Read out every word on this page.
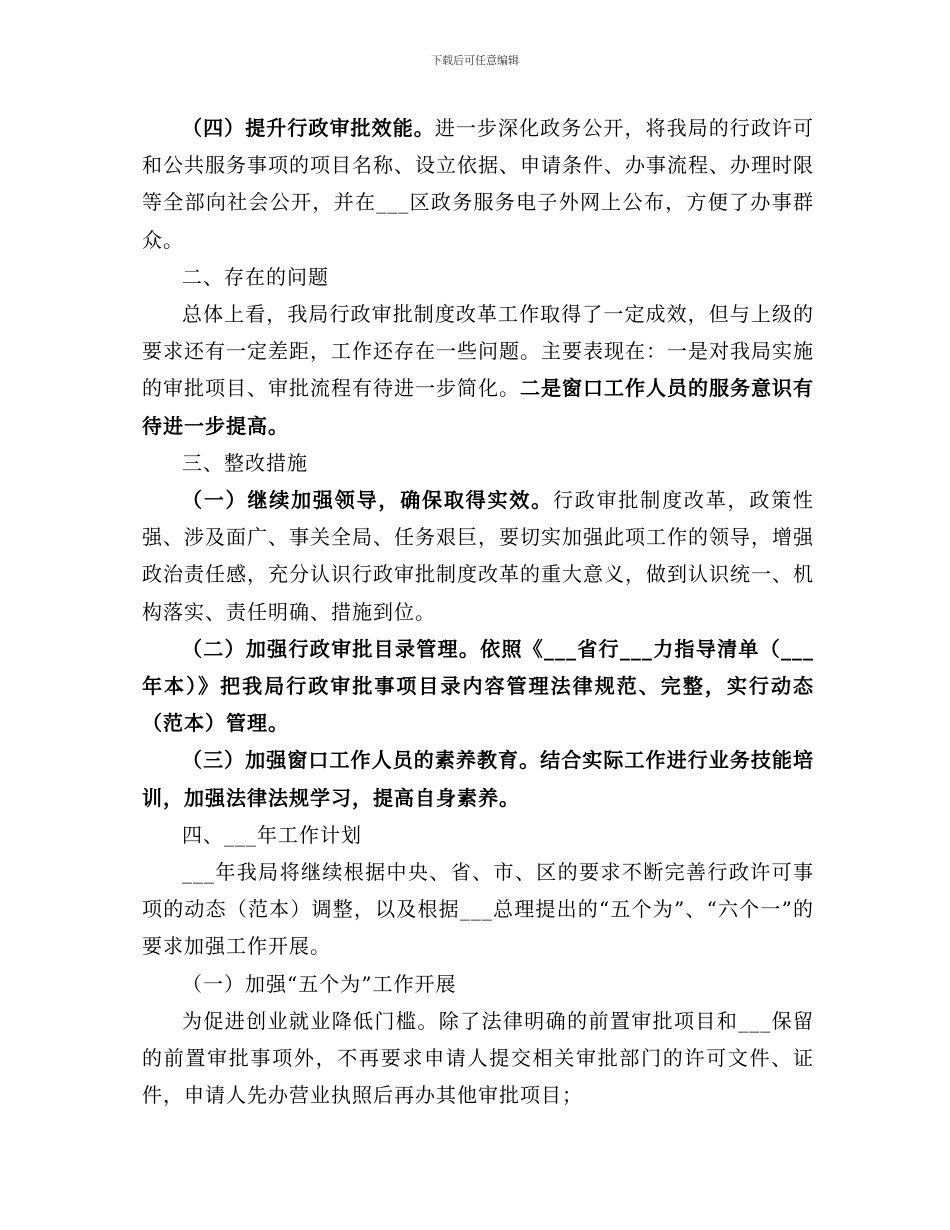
下载后可任意编辑

（四）提升行政审批效能。进一步深化政务公开，将我局的行政许可和公共服务事项的项目名称、设立依据、申请条件、办事流程、办理时限等全部向社会公开，并在___区政务服务电子外网上公布，方便了办事群众。

二、存在的问题

总体上看，我局行政审批制度改革工作取得了一定成效，但与上级的要求还有一定差距，工作还存在一些问题。主要表现在：一是对我局实施的审批项目、审批流程有待进一步简化。二是窗口工作人员的服务意识有待进一步提高。

三、整改措施

（一）继续加强领导，确保取得实效。行政审批制度改革，政策性强、涉及面广、事关全局、任务艰巨，要切实加强此项工作的领导，增强政治责任感，充分认识行政审批制度改革的重大意义，做到认识统一、机构落实、责任明确、措施到位。

（二）加强行政审批目录管理。依照《___省行___力指导清单（___年本）》把我局行政审批事项目录内容管理法律规范、完整，实行动态（范本）管理。

（三）加强窗口工作人员的素养教育。结合实际工作进行业务技能培训，加强法律法规学习，提高自身素养。

四、___年工作计划

___年我局将继续根据中央、省、市、区的要求不断完善行政许可事项的动态（范本）调整，以及根据___总理提出的“五个为”、“六个一”的要求加强工作开展。

（一）加强“五个为”工作开展

为促进创业就业降低门槛。除了法律明确的前置审批项目和___保留的前置审批事项外，不再要求申请人提交相关审批部门的许可文件、证件，申请人先办营业执照后再办其他审批项目；
